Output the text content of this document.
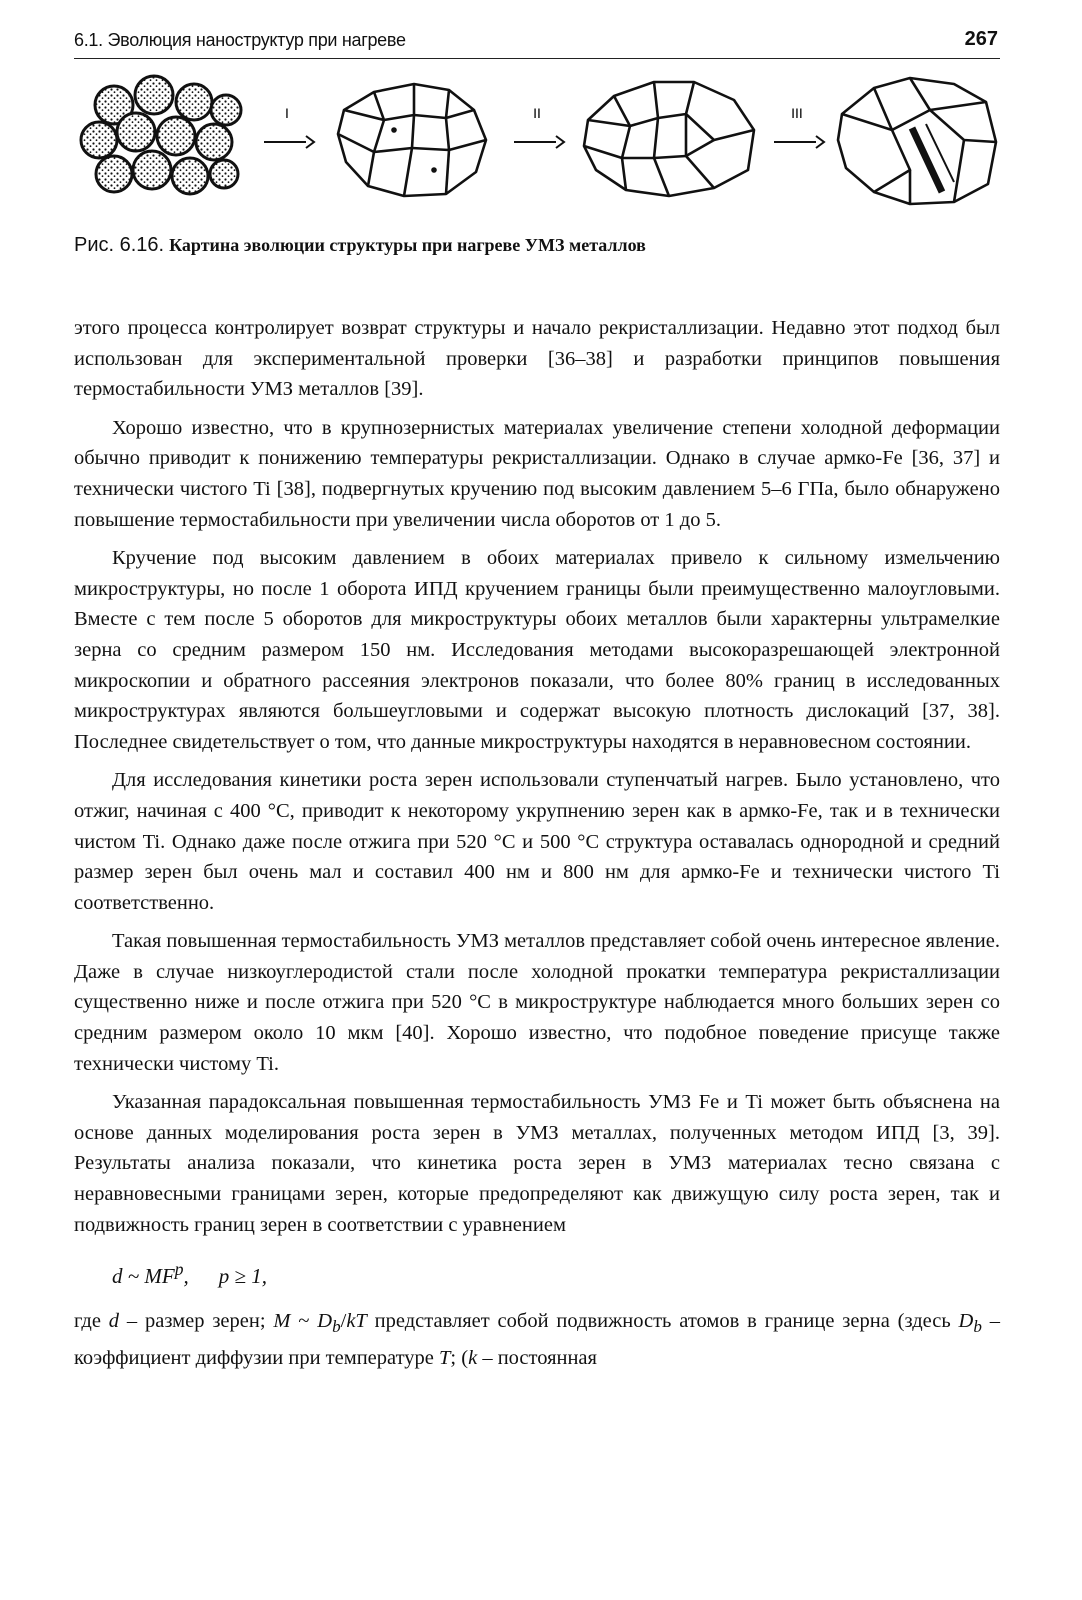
6.1. Эволюция наноструктур при нагреве	267
I	II	III
Рис. 6.16. Картина эволюции структуры при нагреве УМЗ металлов

этого процесса контролирует возврат структуры и начало рекристаллизации. Недавно этот подход был использован для экспериментальной проверки [36–38] и разработки принципов повышения термостабильности УМЗ металлов [39].

Хорошо известно, что в крупнозернистых материалах увеличение степени холодной деформации обычно приводит к понижению температуры рекристаллизации. Однако в случае армко-Fe [36, 37] и технически чистого Ti [38], подвергнутых кручению под высоким давлением 5–6 ГПа, было обнаружено повышение термостабильности при увеличении числа оборотов от 1 до 5.

Кручение под высоким давлением в обоих материалах привело к сильному измельчению микроструктуры, но после 1 оборота ИПД кручением границы были преимущественно малоугловыми. Вместе с тем после 5 оборотов для микроструктуры обоих металлов были характерны ультрамелкие зерна со средним размером 150 нм. Исследования методами высокоразрешающей электронной микроскопии и обратного рассеяния электронов показали, что более 80% границ в исследованных микроструктурах являются большеугловыми и содержат высокую плотность дислокаций [37, 38]. Последнее свидетельствует о том, что данные микроструктуры находятся в неравновесном состоянии.

Для исследования кинетики роста зерен использовали ступенчатый нагрев. Было установлено, что отжиг, начиная с 400 °C, приводит к некоторому укрупнению зерен как в армко-Fe, так и в технически чистом Ti. Однако даже после отжига при 520 °C и 500 °C структура оставалась однородной и средний размер зерен был очень мал и составил 400 нм и 800 нм для армко-Fe и технически чистого Ti соответственно.

Такая повышенная термостабильность УМЗ металлов представляет собой очень интересное явление. Даже в случае низкоуглеродистой стали после холодной прокатки температура рекристаллизации существенно ниже и после отжига при 520 °C в микроструктуре наблюдается много больших зерен со средним размером около 10 мкм [40]. Хорошо известно, что подобное поведение присуще также технически чистому Ti.

Указанная парадоксальная повышенная термостабильность УМЗ Fe и Ti может быть объяснена на основе данных моделирования роста зерен в УМЗ металлах, полученных методом ИПД [3, 39]. Результаты анализа показали, что кинетика роста зерен в УМЗ материалах тесно связана с неравновесными границами зерен, которые предопределяют как движущую силу роста зерен, так и подвижность границ зерен в соответствии с уравнением

d ~ $MF^p$, p ≥ 1,

где d – размер зерен; M ~ $D_b/kT$ представляет собой подвижность атомов в границе зерна (здесь $D_b$ – коэффициент диффузии при температуре T; (k – постоянная
